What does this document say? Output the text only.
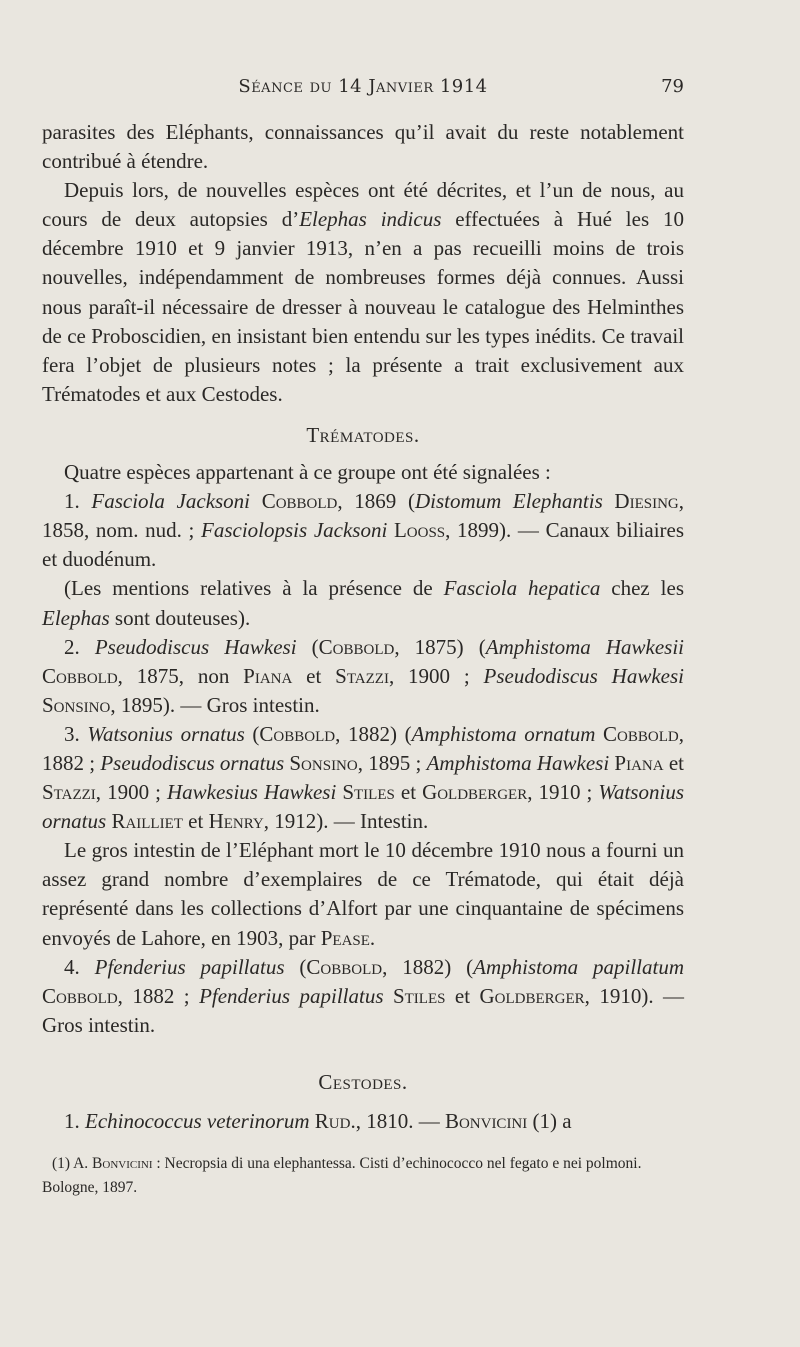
Séance du 14 Janvier 1914	79

parasites des Eléphants, connaissances qu’il avait du reste notablement contribué à étendre.

Depuis lors, de nouvelles espèces ont été décrites, et l’un de nous, au cours de deux autopsies d’Elephas indicus effectuées à Hué les 10 décembre 1910 et 9 janvier 1913, n’en a pas recueilli moins de trois nouvelles, indépendamment de nombreuses formes déjà connues. Aussi nous paraît-il nécessaire de dresser à nouveau le catalogue des Helminthes de ce Proboscidien, en insistant bien entendu sur les types inédits. Ce travail fera l’objet de plusieurs notes ; la présente a trait exclusivement aux Trématodes et aux Cestodes.

Trématodes.

Quatre espèces appartenant à ce groupe ont été signalées :

1. Fasciola Jacksoni Cobbold, 1869 (Distomum Elephantis Diesing, 1858, nom. nud. ; Fasciolopsis Jacksoni Looss, 1899). — Canaux biliaires et duodénum.

(Les mentions relatives à la présence de Fasciola hepatica chez les Elephas sont douteuses).

2. Pseudodiscus Hawkesi (Cobbold, 1875) (Amphistoma Hawkesii Cobbold, 1875, non Piana et Stazzi, 1900 ; Pseudodiscus Hawkesi Sonsino, 1895). — Gros intestin.

3. Watsonius ornatus (Cobbold, 1882) (Amphistoma ornatum Cobbold, 1882 ; Pseudodiscus ornatus Sonsino, 1895 ; Amphistoma Hawkesi Piana et Stazzi, 1900 ; Hawkesius Hawkesi Stiles et Goldberger, 1910 ; Watsonius ornatus Railliet et Henry, 1912). — Intestin.

Le gros intestin de l’Eléphant mort le 10 décembre 1910 nous a fourni un assez grand nombre d’exemplaires de ce Trématode, qui était déjà représenté dans les collections d’Alfort par une cinquantaine de spécimens envoyés de Lahore, en 1903, par Pease.

4. Pfenderius papillatus (Cobbold, 1882) (Amphistoma papillatum Cobbold, 1882 ; Pfenderius papillatus Stiles et Goldberger, 1910). — Gros intestin.

Cestodes.

1. Echinococcus veterinorum Rud., 1810. — Bonvicini (1) a

(1) A. Bonvicini : Necropsia di una elephantessa. Cisti d’echinococco nel fegato e nei polmoni. Bologne, 1897.
